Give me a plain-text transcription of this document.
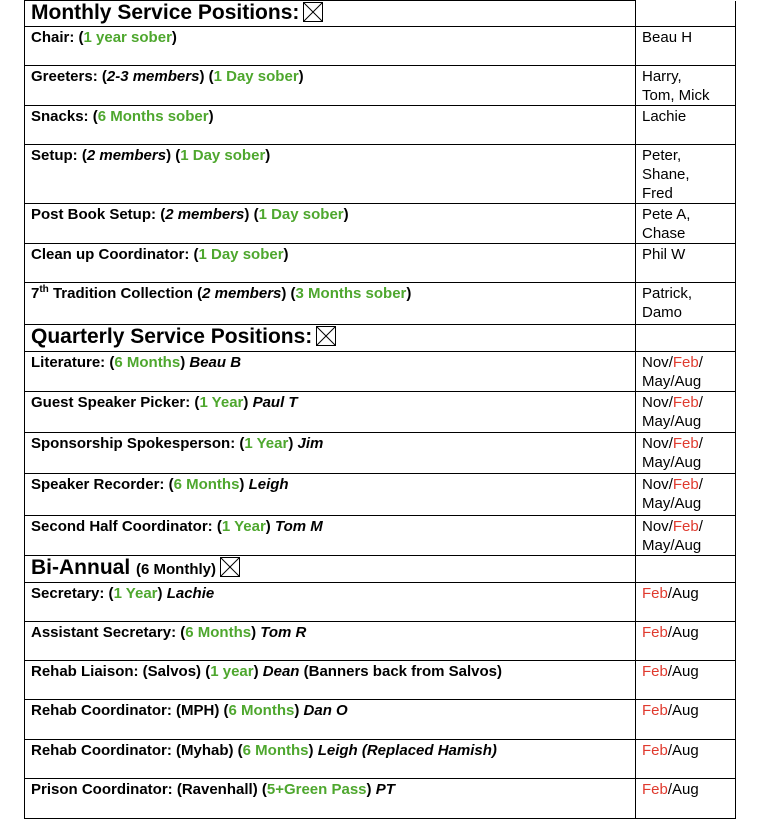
Monthly Service Positions:

Chair: (1 year sober)	Beau H

Greeters: (2-3 members) (1 Day sober)	Harry,
Tom, Mick

Snacks: (6 Months sober)	Lachie

Setup: (2 members) (1 Day sober)	Peter,
Shane,
Fred

Post Book Setup: (2 members) (1 Day sober)	Pete A,
Chase

Clean up Coordinator: (1 Day sober)	Phil W

7th Tradition Collection (2 members) (3 Months sober)	Patrick,
Damo

Quarterly Service Positions:

Literature: (6 Months) Beau B	Nov/Feb/
May/Aug

Guest Speaker Picker: (1 Year) Paul T	Nov/Feb/
May/Aug

Sponsorship Spokesperson: (1 Year) Jim	Nov/Feb/
May/Aug

Speaker Recorder: (6 Months) Leigh	Nov/Feb/
May/Aug

Second Half Coordinator: (1 Year) Tom M	Nov/Feb/
May/Aug

Bi-Annual (6 Monthly)

Secretary: (1 Year) Lachie	Feb/Aug

Assistant Secretary: (6 Months) Tom R	Feb/Aug

Rehab Liaison: (Salvos) (1 year) Dean (Banners back from Salvos)	Feb/Aug

Rehab Coordinator: (MPH) (6 Months) Dan O	Feb/Aug

Rehab Coordinator: (Myhab) (6 Months) Leigh (Replaced Hamish)	Feb/Aug

Prison Coordinator: (Ravenhall) (5+Green Pass) PT	Feb/Aug
